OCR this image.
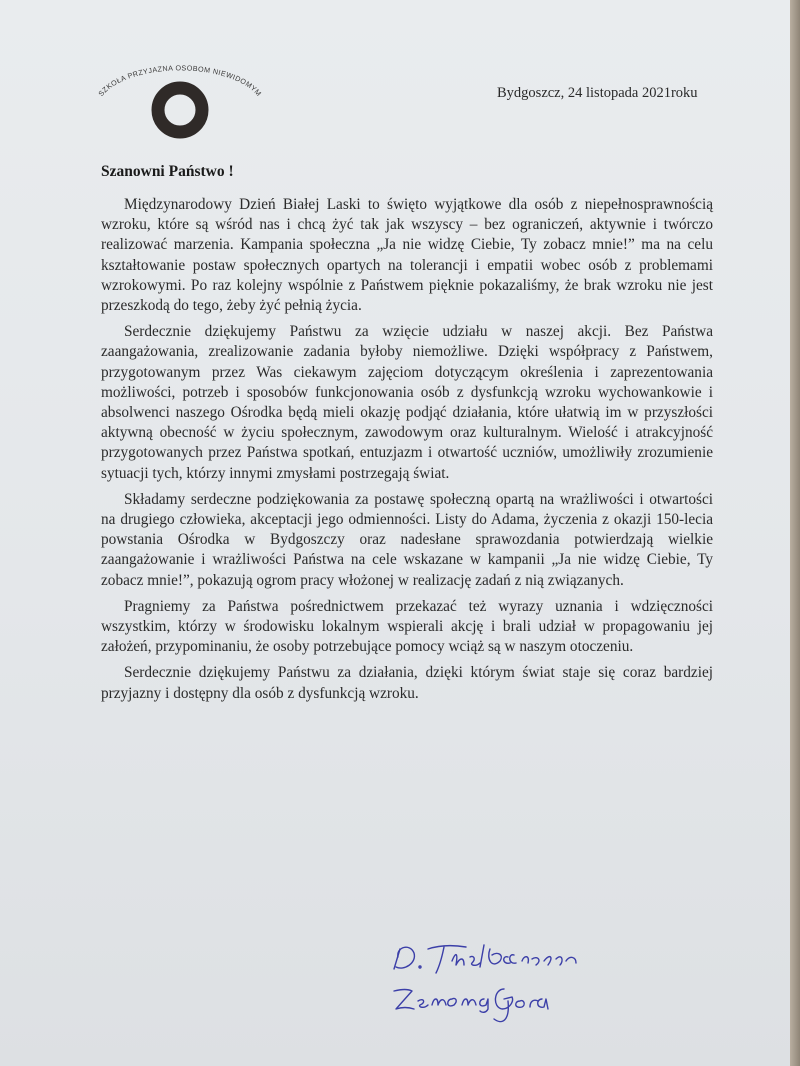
SZKOŁA PRZYJAZNA OSOBOM NIEWIDOMYM	Bydgoszcz, 24 listopada 2021roku
Szanowni Państwo !

Międzynarodowy Dzień Białej Laski to święto wyjątkowe dla osób z niepełnosprawnością wzroku, które są wśród nas i chcą żyć tak jak wszyscy – bez ograniczeń, aktywnie i twórczo realizować marzenia. Kampania społeczna „Ja nie widzę Ciebie, Ty zobacz mnie!” ma na celu kształtowanie postaw społecznych opartych na tolerancji i empatii wobec osób z problemami wzrokowymi. Po raz kolejny wspólnie z Państwem pięknie pokazaliśmy, że brak wzroku nie jest przeszkodą do tego, żeby żyć pełnią życia.

Serdecznie dziękujemy Państwu za wzięcie udziału w naszej akcji. Bez Państwa zaangażowania, zrealizowanie zadania byłoby niemożliwe. Dzięki współpracy z Państwem, przygotowanym przez Was ciekawym zajęciom dotyczącym określenia i zaprezentowania możliwości, potrzeb i sposobów funkcjonowania osób z dysfunkcją wzroku wychowankowie i absolwenci naszego Ośrodka będą mieli okazję podjąć działania, które ułatwią im w przyszłości aktywną obecność w życiu społecznym, zawodowym oraz kulturalnym. Wielość i atrakcyjność przygotowanych przez Państwa spotkań, entuzjazm i otwartość uczniów, umożliwiły zrozumienie sytuacji tych, którzy innymi zmysłami postrzegają świat.

Składamy serdeczne podziękowania za postawę społeczną opartą na wrażliwości i otwartości na drugiego człowieka, akceptacji jego odmienności. Listy do Adama, życzenia z okazji 150-lecia powstania Ośrodka w Bydgoszczy oraz nadesłane sprawozdania potwierdzają wielkie zaangażowanie i wrażliwości Państwa na cele wskazane w kampanii „Ja nie widzę Ciebie, Ty zobacz mnie!”, pokazują ogrom pracy włożonej w realizację zadań z nią związanych.

Pragniemy za Państwa pośrednictwem przekazać też wyrazy uznania i wdzięczności wszystkim, którzy w środowisku lokalnym wspierali akcję i brali udział w propagowaniu jej założeń, przypominaniu, że osoby potrzebujące pomocy wciąż są w naszym otoczeniu.

Serdecznie dziękujemy Państwu za działania, dzięki którym świat staje się coraz bardziej przyjazny i dostępny dla osób z dysfunkcją wzroku.
